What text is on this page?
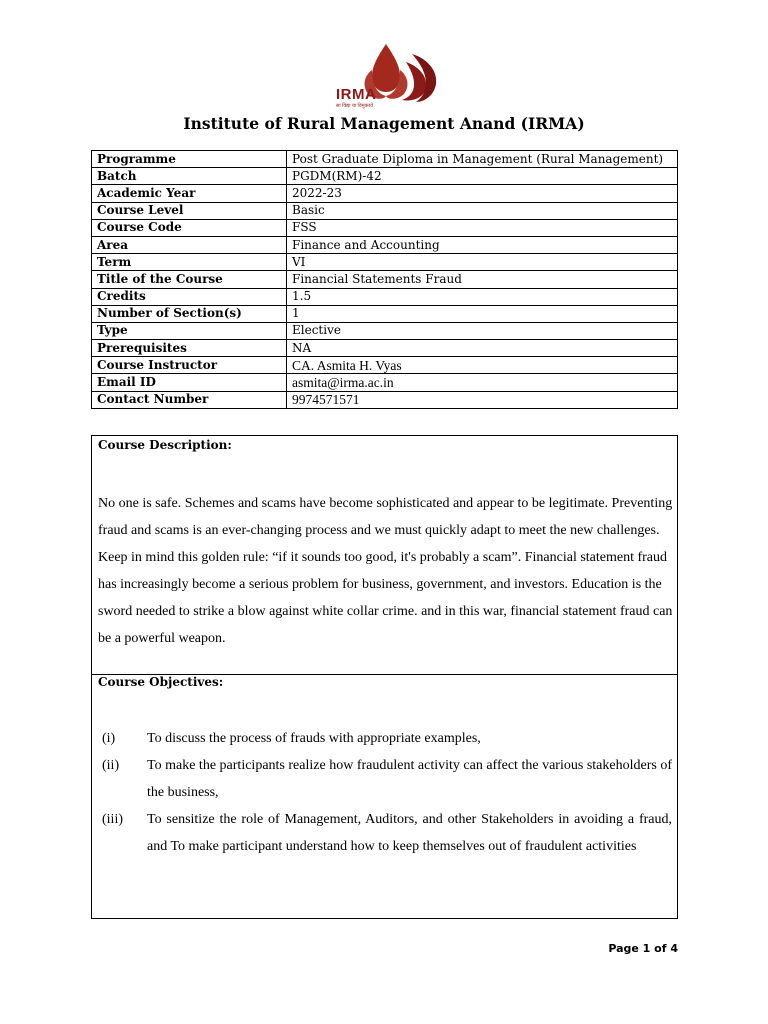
IRMA
सा विद्या या विमुक्तये
Institute of Rural Management Anand (IRMA)
Programme	Post Graduate Diploma in Management (Rural Management)
Batch	PGDM(RM)-42
Academic Year	2022-23
Course Level	Basic
Course Code	FSS
Area	Finance and Accounting
Term	VI
Title of the Course	Financial Statements Fraud
Credits	1.5
Number of Section(s)	1
Type	Elective
Prerequisites	NA
Course Instructor	CA. Asmita H. Vyas
Email ID	asmita@irma.ac.in
Contact Number	9974571571
Course Description:

No one is safe. Schemes and scams have become sophisticated and appear to be legitimate. Preventing fraud and scams is an ever-changing process and we must quickly adapt to meet the new challenges. Keep in mind this golden rule: “if it sounds too good, it's probably a scam”. Financial statement fraud has increasingly become a serious problem for business, government, and investors. Education is the sword needed to strike a blow against white collar crime. and in this war, financial statement fraud can be a powerful weapon.

Course Objectives:
(i) To discuss the process of frauds with appropriate examples,
(ii) To make the participants realize how fraudulent activity can affect the various stakeholders of the business,
(iii) To sensitize the role of Management, Auditors, and other Stakeholders in avoiding a fraud, and To make participant understand how to keep themselves out of fraudulent activities
Page 1 of 4
